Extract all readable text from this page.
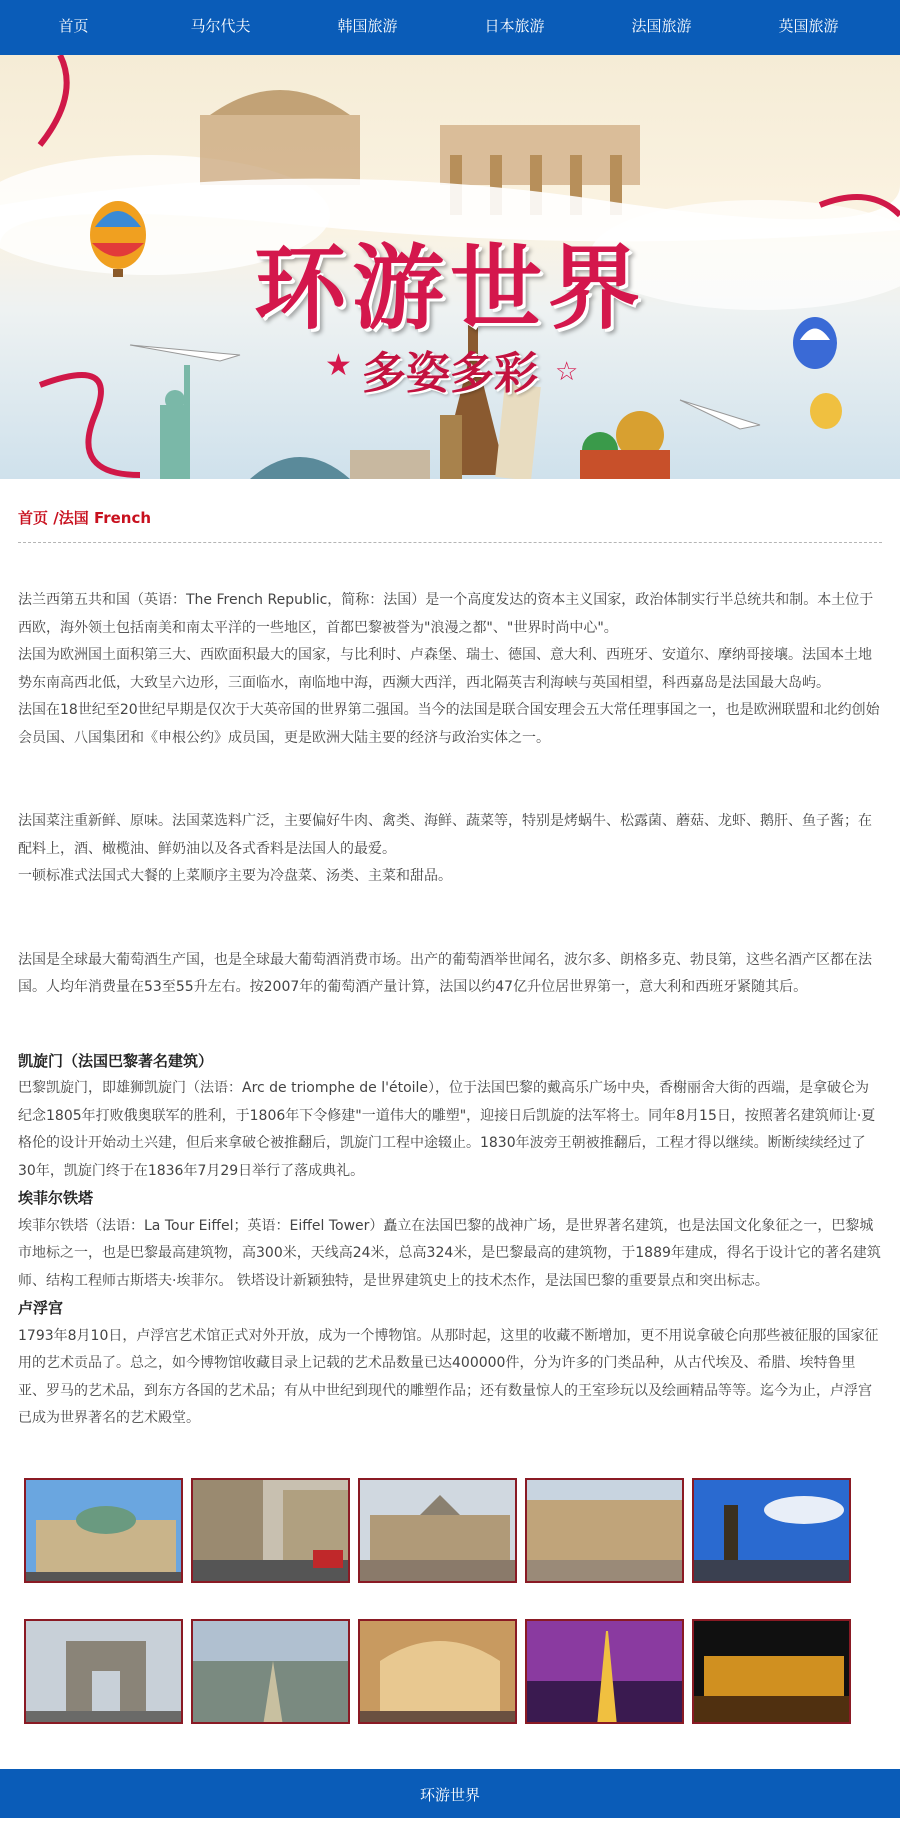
首页	马尔代夫	韩国旅游	日本旅游	法国旅游	英国旅游
★	☆
环游世界
多姿多彩
首页 /法国 French

法兰西第五共和国（英语：The French Republic，简称：法国）是一个高度发达的资本主义国家，政治体制实行半总统共和制。本土位于西欧，海外领土包括南美和南太平洋的一些地区，首都巴黎被誉为"浪漫之都"、"世界时尚中心"。

法国为欧洲国土面积第三大、西欧面积最大的国家，与比利时、卢森堡、瑞士、德国、意大利、西班牙、安道尔、摩纳哥接壤。法国本土地势东南高西北低，大致呈六边形，三面临水，南临地中海，西濒大西洋，西北隔英吉利海峡与英国相望，科西嘉岛是法国最大岛屿。

法国在18世纪至20世纪早期是仅次于大英帝国的世界第二强国。当今的法国是联合国安理会五大常任理事国之一，也是欧洲联盟和北约创始会员国、八国集团和《申根公约》成员国，更是欧洲大陆主要的经济与政治实体之一。

法国菜注重新鲜、原味。法国菜选料广泛，主要偏好牛肉、禽类、海鲜、蔬菜等，特别是烤蜗牛、松露菌、蘑菇、龙虾、鹅肝、鱼子酱；在配料上，酒、橄榄油、鲜奶油以及各式香料是法国人的最爱。

一顿标准式法国式大餐的上菜顺序主要为冷盘菜、汤类、主菜和甜品。

法国是全球最大葡萄酒生产国，也是全球最大葡萄酒消费市场。出产的葡萄酒举世闻名，波尔多、朗格多克、勃艮第，这些名酒产区都在法国。人均年消费量在53至55升左右。按2007年的葡萄酒产量计算，法国以约47亿升位居世界第一，意大利和西班牙紧随其后。

凯旋门（法国巴黎著名建筑）

巴黎凯旋门，即雄狮凯旋门（法语：Arc de triomphe de l'étoile），位于法国巴黎的戴高乐广场中央，香榭丽舍大街的西端，是拿破仑为纪念1805年打败俄奥联军的胜利，于1806年下令修建"一道伟大的雕塑"，迎接日后凯旋的法军将士。同年8月15日，按照著名建筑师让·夏格伦的设计开始动土兴建，但后来拿破仑被推翻后，凯旋门工程中途辍止。1830年波旁王朝被推翻后，工程才得以继续。断断续续经过了30年，凯旋门终于在1836年7月29日举行了落成典礼。

埃菲尔铁塔

埃菲尔铁塔（法语：La Tour Eiffel；英语：Eiffel Tower）矗立在法国巴黎的战神广场，是世界著名建筑，也是法国文化象征之一，巴黎城市地标之一，也是巴黎最高建筑物，高300米，天线高24米，总高324米，是巴黎最高的建筑物，于1889年建成，得名于设计它的著名建筑师、结构工程师古斯塔夫·埃菲尔。 铁塔设计新颖独特，是世界建筑史上的技术杰作，是法国巴黎的重要景点和突出标志。

卢浮宫

1793年8月10日，卢浮宫艺术馆正式对外开放，成为一个博物馆。从那时起，这里的收藏不断增加，更不用说拿破仑向那些被征服的国家征用的艺术贡品了。总之，如今博物馆收藏目录上记载的艺术品数量已达400000件，分为许多的门类品种，从古代埃及、希腊、埃特鲁里亚、罗马的艺术品，到东方各国的艺术品；有从中世纪到现代的雕塑作品；还有数量惊人的王室珍玩以及绘画精品等等。迄今为止，卢浮宫已成为世界著名的艺术殿堂。

环游世界
